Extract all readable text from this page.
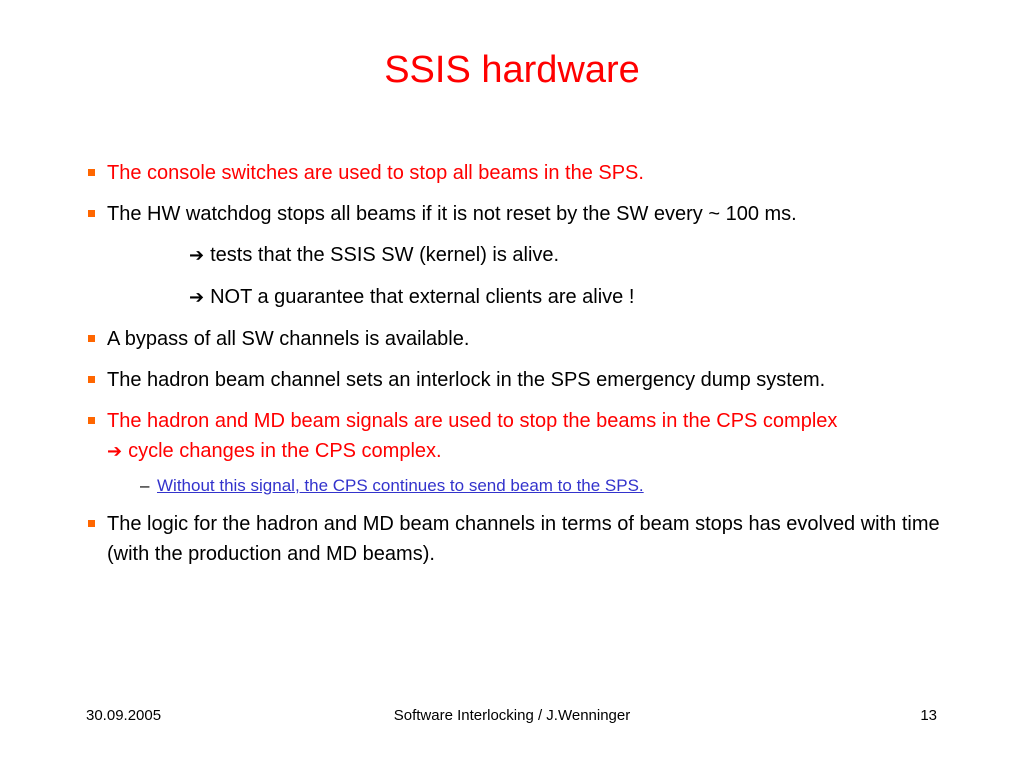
SSIS hardware
The console switches are used to stop all beams in the SPS.
The HW watchdog stops all beams if it is not reset by the SW every ~ 100 ms.
➔ tests that the SSIS SW (kernel) is alive.
➔ NOT a guarantee that external clients are alive !
A bypass of all SW channels is available.
The hadron beam channel sets an interlock in the SPS emergency dump system.
The hadron and MD beam signals are used to stop the beams in the CPS complex
➔ cycle changes in the CPS complex.
– Without this signal, the CPS continues to send beam to the SPS.
The logic for the hadron and MD beam channels in terms of beam stops has evolved with time (with the production and MD beams).
30.09.2005	Software Interlocking / J.Wenninger	13
